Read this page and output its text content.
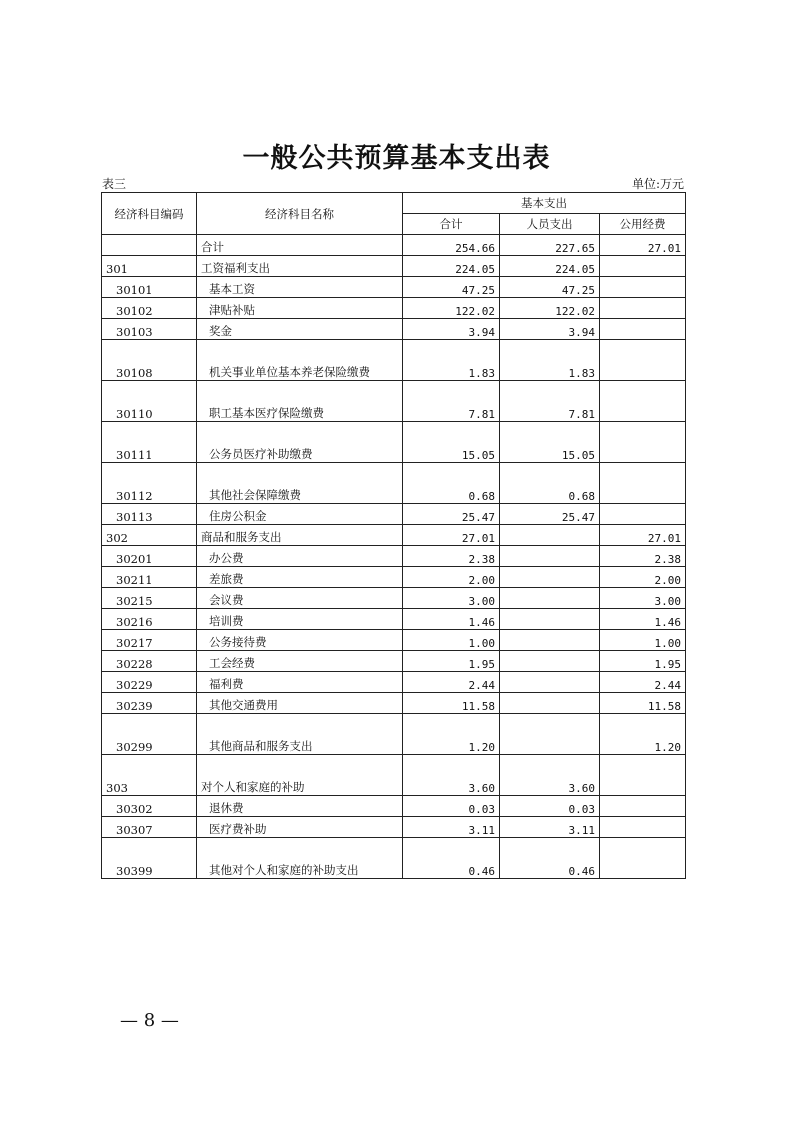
一般公共预算基本支出表
表三	单位:万元
经济科目编码	经济科目名称	基本支出		
		合计	人员支出	公用经费
	合计	254.66	227.65	27.01
301	工资福利支出	224.05	224.05	
30101	基本工资	47.25	47.25	
30102	津贴补贴	122.02	122.02	
30103	奖金	3.94	3.94	
30108	机关事业单位基本养老保险缴费	1.83	1.83	
30110	职工基本医疗保险缴费	7.81	7.81	
30111	公务员医疗补助缴费	15.05	15.05	
30112	其他社会保障缴费	0.68	0.68	
30113	住房公积金	25.47	25.47	
302	商品和服务支出	27.01		27.01
30201	办公费	2.38		2.38
30211	差旅费	2.00		2.00
30215	会议费	3.00		3.00
30216	培训费	1.46		1.46
30217	公务接待费	1.00		1.00
30228	工会经费	1.95		1.95
30229	福利费	2.44		2.44
30239	其他交通费用	11.58		11.58
30299	其他商品和服务支出	1.20		1.20
303	对个人和家庭的补助	3.60	3.60	
30302	退休费	0.03	0.03	
30307	医疗费补助	3.11	3.11	
30399	其他对个人和家庭的补助支出	0.46	0.46	
— 8 —
